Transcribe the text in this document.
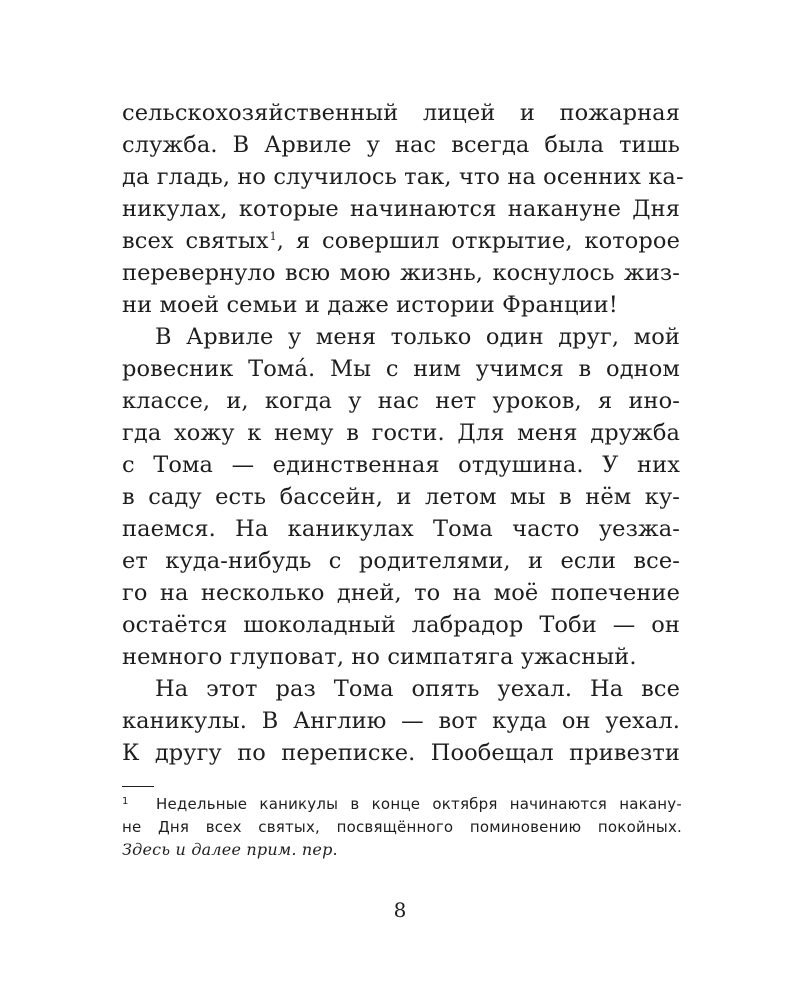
сельскохозяйственный лицей и пожарная
служба. В Арвиле у нас всегда была тишь
да гладь, но случилось так, что на осенних ка-
никулах, которые начинаются накануне Дня
всех святых$^1$, я совершил открытие, которое
перевернуло всю мою жизнь, коснулось жиз-
ни моей семьи и даже истории Франции!
В Арвиле у меня только один друг, мой
ровесник Тома́. Мы с ним учимся в одном
классе, и, когда у нас нет уроков, я ино-
гда хожу к нему в гости. Для меня дружба
с Тома — единственная отдушина. У них
в саду есть бассейн, и летом мы в нём ку-
паемся. На каникулах Тома часто уезжа-
ет куда-нибудь с родителями, и если все-
го на несколько дней, то на моё попечение
остаётся шоколадный лабрадор Тоби — он
немного глуповат, но симпатяга ужасный.
На этот раз Тома опять уехал. На все
каникулы. В Англию — вот куда он уехал.
К другу по переписке. Пообещал привезти
1 Недельные каникулы в конце октября начинаются накану-
не Дня всех святых, посвящённого поминовению покойных.
Здесь и далее прим. пер.
8
